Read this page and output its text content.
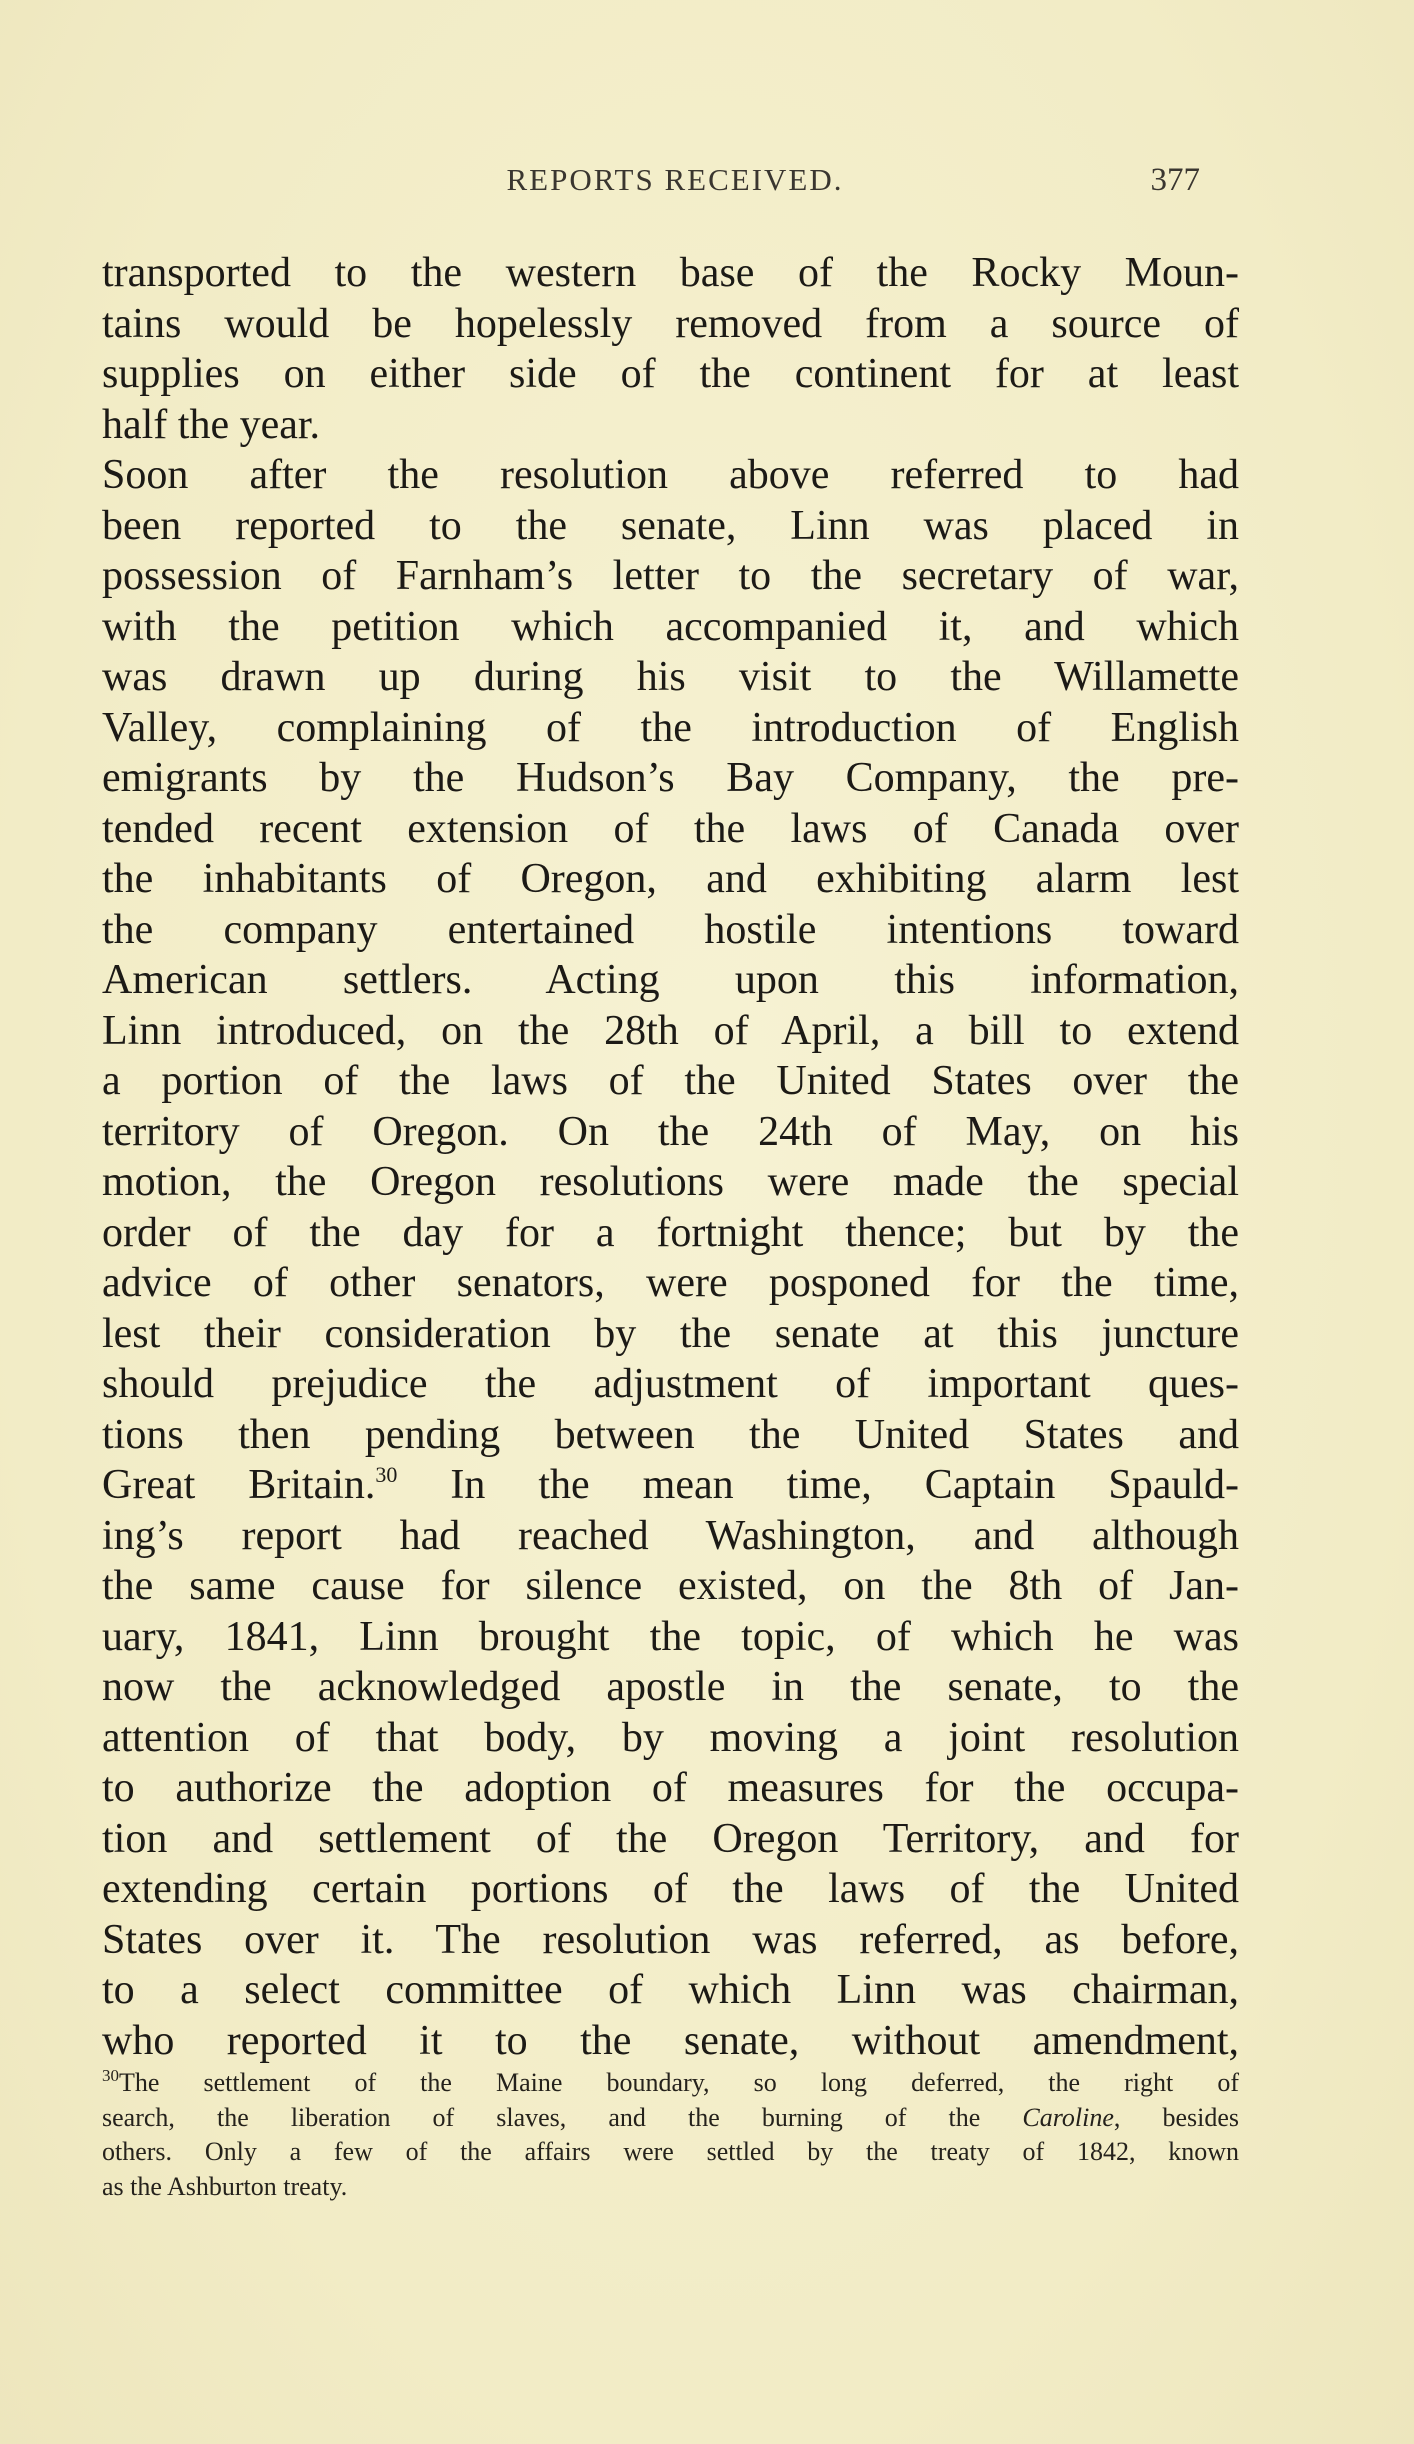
REPORTS RECEIVED.	377
transported to the western base of the Rocky Moun-
tains would be hopelessly removed from a source of
supplies on either side of the continent for at least
half the year.
Soon after the resolution above referred to had
been reported to the senate, Linn was placed in
possession of Farnham’s letter to the secretary of war,
with the petition which accompanied it, and which
was drawn up during his visit to the Willamette
Valley, complaining of the introduction of English
emigrants by the Hudson’s Bay Company, the pre-
tended recent extension of the laws of Canada over
the inhabitants of Oregon, and exhibiting alarm lest
the company entertained hostile intentions toward
American settlers. Acting upon this information,
Linn introduced, on the 28th of April, a bill to extend
a portion of the laws of the United States over the
territory of Oregon. On the 24th of May, on his
motion, the Oregon resolutions were made the special
order of the day for a fortnight thence; but by the
advice of other senators, were posponed for the time,
lest their consideration by the senate at this juncture
should prejudice the adjustment of important ques-
tions then pending between the United States and
Great Britain.$^{30}$ In the mean time, Captain Spauld-
ing’s report had reached Washington, and although
the same cause for silence existed, on the 8th of Jan-
uary, 1841, Linn brought the topic, of which he was
now the acknowledged apostle in the senate, to the
attention of that body, by moving a joint resolution
to authorize the adoption of measures for the occupa-
tion and settlement of the Oregon Territory, and for
extending certain portions of the laws of the United
States over it. The resolution was referred, as before,
to a select committee of which Linn was chairman,
who reported it to the senate, without amendment,
$^{30}$The settlement of the Maine boundary, so long deferred, the right of
search, the liberation of slaves, and the burning of the Caroline, besides
others. Only a few of the affairs were settled by the treaty of 1842, known
as the Ashburton treaty.
